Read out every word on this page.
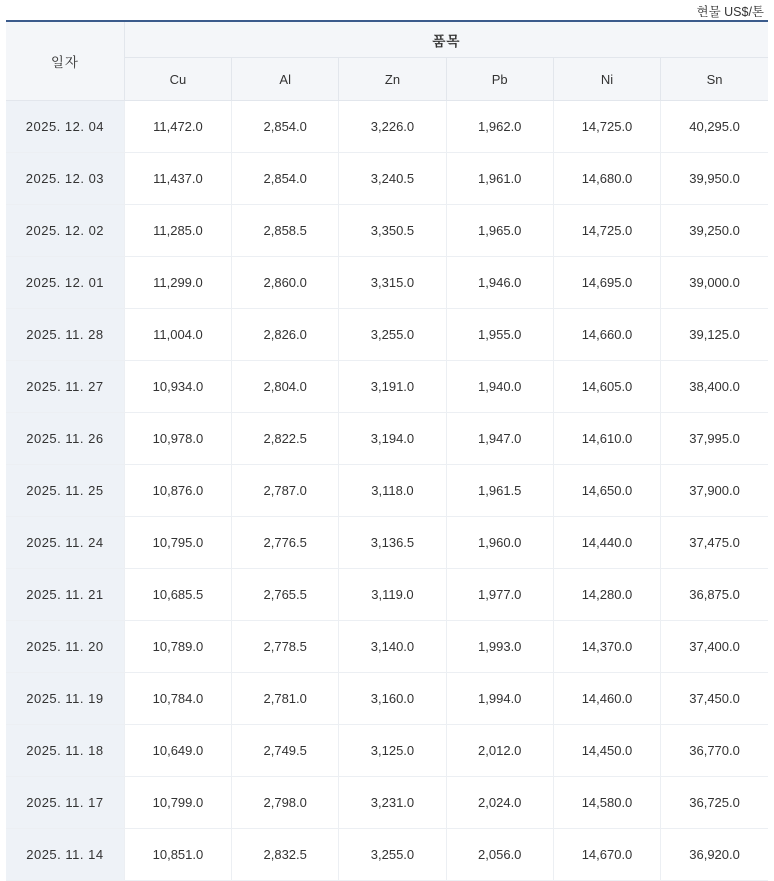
현물 US$/톤
일자	품목					
	Cu	Al	Zn	Pb	Ni	Sn
2025. 12. 04	11,472.0	2,854.0	3,226.0	1,962.0	14,725.0	40,295.0
2025. 12. 03	11,437.0	2,854.0	3,240.5	1,961.0	14,680.0	39,950.0
2025. 12. 02	11,285.0	2,858.5	3,350.5	1,965.0	14,725.0	39,250.0
2025. 12. 01	11,299.0	2,860.0	3,315.0	1,946.0	14,695.0	39,000.0
2025. 11. 28	11,004.0	2,826.0	3,255.0	1,955.0	14,660.0	39,125.0
2025. 11. 27	10,934.0	2,804.0	3,191.0	1,940.0	14,605.0	38,400.0
2025. 11. 26	10,978.0	2,822.5	3,194.0	1,947.0	14,610.0	37,995.0
2025. 11. 25	10,876.0	2,787.0	3,118.0	1,961.5	14,650.0	37,900.0
2025. 11. 24	10,795.0	2,776.5	3,136.5	1,960.0	14,440.0	37,475.0
2025. 11. 21	10,685.5	2,765.5	3,119.0	1,977.0	14,280.0	36,875.0
2025. 11. 20	10,789.0	2,778.5	3,140.0	1,993.0	14,370.0	37,400.0
2025. 11. 19	10,784.0	2,781.0	3,160.0	1,994.0	14,460.0	37,450.0
2025. 11. 18	10,649.0	2,749.5	3,125.0	2,012.0	14,450.0	36,770.0
2025. 11. 17	10,799.0	2,798.0	3,231.0	2,024.0	14,580.0	36,725.0
2025. 11. 14	10,851.0	2,832.5	3,255.0	2,056.0	14,670.0	36,920.0
